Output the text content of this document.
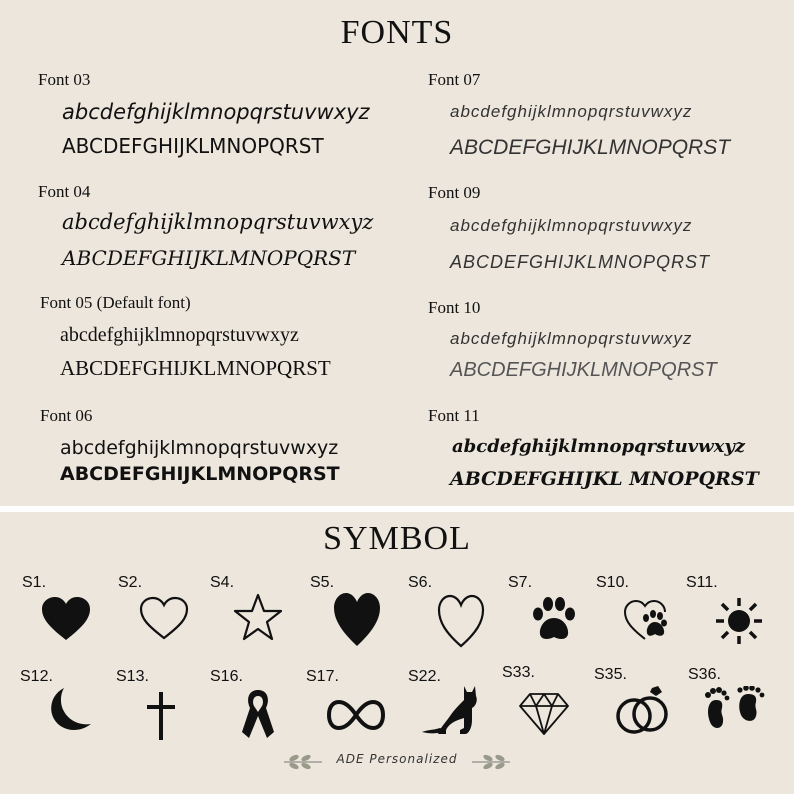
FONTS
Font 03
abcdefghijklmnopqrstuvwxyz
ABCDEFGHIJKLMNOPQRST
Font 04
abcdefghijklmnopqrstuvwxyz
ABCDEFGHIJKLMNOPQRST
Font 05 (Default font)
abcdefghijklmnopqrstuvwxyz
ABCDEFGHIJKLMNOPQRST
Font 06
abcdefghijklmnopqrstuvwxyz
ABCDEFGHIJKLMNOPQRST
Font 07
abcdefghijklmnopqrstuvwxyz
ABCDEFGHIJKLMNOPQRST
Font 09
abcdefghijklmnopqrstuvwxyz
ABCDEFGHIJKLMNOPQRST
Font 10
abcdefghijklmnopqrstuvwxyz
ABCDEFGHIJKLMNOPQRST
Font 11
abcdefghijklmnopqrstuvwxyz
ABCDEFGHIJKL MNOPQRST
SYMBOL
S1.	S2.	S4.	S5.	S6.	S7.	S10.	S11.
S12.	S13.	S16.	S17.	S22.	S33.	S35.	S36.
ADE Personalized
